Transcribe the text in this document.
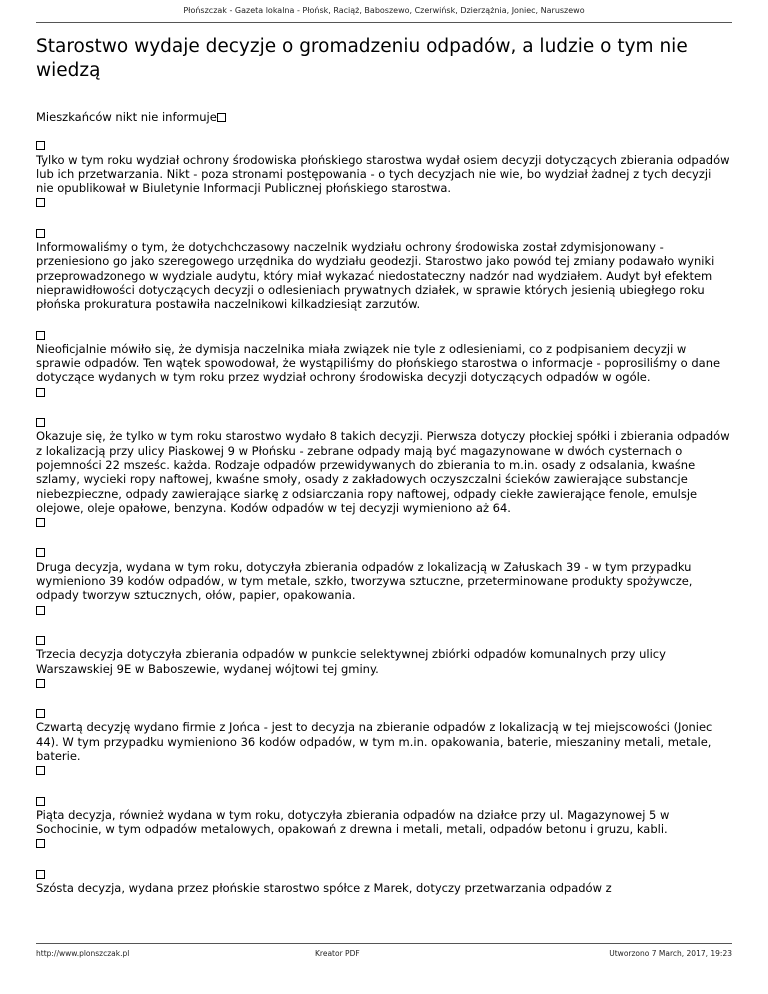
Płońszczak - Gazeta lokalna - Płońsk, Raciąż, Baboszewo, Czerwińsk, Dzierzążnia, Joniec, Naruszewo
Starostwo wydaje decyzje o gromadzeniu odpadów, a ludzie o tym nie wiedzą

Mieszkańców nikt nie informuje

Tylko w tym roku wydział ochrony środowiska płońskiego starostwa wydał osiem decyzji dotyczących zbierania odpadów lub ich przetwarzania. Nikt - poza stronami postępowania - o tych decyzjach nie wie, bo wydział żadnej z tych decyzji nie opublikował w Biuletynie Informacji Publicznej płońskiego starostwa.

Informowaliśmy o tym, że dotychchczasowy naczelnik wydziału ochrony środowiska został zdymisjonowany - przeniesiono go jako szeregowego urzędnika do wydziału geodezji. Starostwo jako powód tej zmiany podawało wyniki przeprowadzonego w wydziale audytu, który miał wykazać niedostateczny nadzór nad wydziałem. Audyt był efektem nieprawidłowości dotyczących decyzji o odlesieniach prywatnych działek, w sprawie których jesienią ubiegłego roku płońska prokuratura postawiła naczelnikowi kilkadziesiąt zarzutów.

Nieoficjalnie mówiło się, że dymisja naczelnika miała związek nie tyle z odlesieniami, co z podpisaniem decyzji w sprawie odpadów. Ten wątek spowodował, że wystąpiliśmy do płońskiego starostwa o informacje - poprosiliśmy o dane dotyczące wydanych w tym roku przez wydział ochrony środowiska decyzji dotyczących odpadów w ogóle.

Okazuje się, że tylko w tym roku starostwo wydało 8 takich decyzji. Pierwsza dotyczy płockiej spółki i zbierania odpadów z lokalizacją przy ulicy Piaskowej 9 w Płońsku - zebrane odpady mają być magazynowane w dwóch cysternach o pojemności 22 msześc. każda. Rodzaje odpadów przewidywanych do zbierania to m.in. osady z odsalania, kwaśne szlamy, wycieki ropy naftowej, kwaśne smoły, osady z zakładowych oczyszczalni ścieków zawierające substancje niebezpieczne, odpady zawierające siarkę z odsiarczania ropy naftowej, odpady ciekłe zawierające fenole, emulsje olejowe, oleje opałowe, benzyna. Kodów odpadów w tej decyzji wymieniono aż 64.

Druga decyzja, wydana w tym roku, dotyczyła zbierania odpadów z lokalizacją w Załuskach 39 - w tym przypadku wymieniono 39 kodów odpadów, w tym metale, szkło, tworzywa sztuczne, przeterminowane produkty spożywcze, odpady tworzyw sztucznych, ołów, papier, opakowania.

Trzecia decyzja dotyczyła zbierania odpadów w punkcie selektywnej zbiórki odpadów komunalnych przy ulicy Warszawskiej 9E w Baboszewie, wydanej wójtowi tej gminy.

Czwartą decyzję wydano firmie z Jońca - jest to decyzja na zbieranie odpadów z lokalizacją w tej miejscowości (Joniec 44). W tym przypadku wymieniono 36 kodów odpadów, w tym m.in. opakowania, baterie, mieszaniny metali, metale, baterie.

Piąta decyzja, również wydana w tym roku, dotyczyła zbierania odpadów na działce przy ul. Magazynowej 5 w Sochocinie, w tym odpadów metalowych, opakowań z drewna i metali, metali, odpadów betonu i gruzu, kabli.

Szósta decyzja, wydana przez płońskie starostwo spółce z Marek, dotyczy przetwarzania odpadów z
http://www.plonszczak.pl	Kreator PDF	Utworzono 7 March, 2017, 19:23
